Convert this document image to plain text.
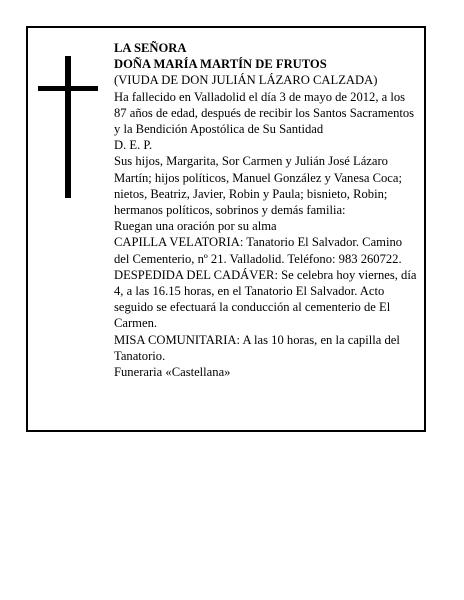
LA SEÑORA

DOÑA MARÍA MARTÍN DE FRUTOS

(VIUDA DE DON JULIÁN LÁZARO CALZADA)

Ha fallecido en Valladolid el día 3 de mayo de 2012, a los 87 años de edad, después de recibir los Santos Sacramentos y la Bendición Apostólica de Su Santidad

D. E. P.

Sus hijos, Margarita, Sor Carmen y Julián José Lázaro Martín; hijos políticos, Manuel González y Vanesa Coca; nietos, Beatriz, Javier, Robin y Paula; bisnieto, Robin; hermanos políticos, sobrinos y demás familia:

Ruegan una oración por su alma

CAPILLA VELATORIA: Tanatorio El Salvador. Camino del Cementerio, nº 21. Valladolid. Teléfono: 983 260722.

DESPEDIDA DEL CADÁVER: Se celebra hoy viernes, día 4, a las 16.15 horas, en el Tanatorio El Salvador. Acto seguido se efectuará la conducción al cementerio de El Carmen.

MISA COMUNITARIA: A las 10 horas, en la capilla del Tanatorio.

Funeraria «Castellana»
